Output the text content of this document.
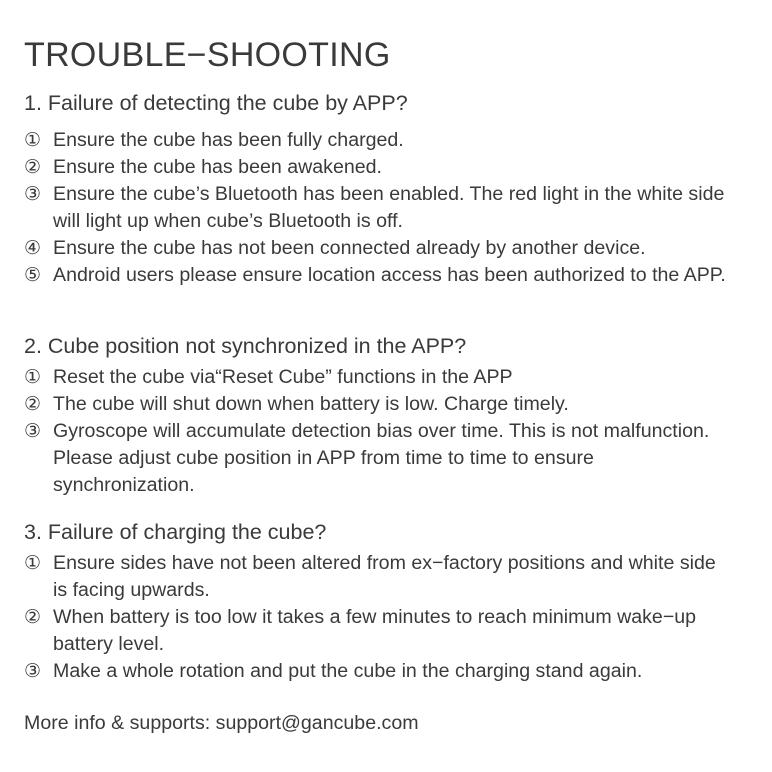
TROUBLE−SHOOTING
1. Failure of detecting the cube by APP?
① Ensure the cube has been fully charged.
② Ensure the cube has been awakened.
③ Ensure the cube’s Bluetooth has been enabled. The red light in the white side will light up when cube’s Bluetooth is off.
④ Ensure the cube has not been connected already by another device.
⑤ Android users please ensure location access has been authorized to the APP.
2. Cube position not synchronized in the APP?
① Reset the cube via“Reset Cube” functions in the APP
② The cube will shut down when battery is low. Charge timely.
③ Gyroscope will accumulate detection bias over time. This is not malfunction. Please adjust cube position in APP from time to time to ensure synchronization.
3. Failure of charging the cube?
① Ensure sides have not been altered from ex−factory positions and white side is facing upwards.
② When battery is too low it takes a few minutes to reach minimum wake−up battery level.
③ Make a whole rotation and put the cube in the charging stand again.
More info & supports: support@gancube.com
